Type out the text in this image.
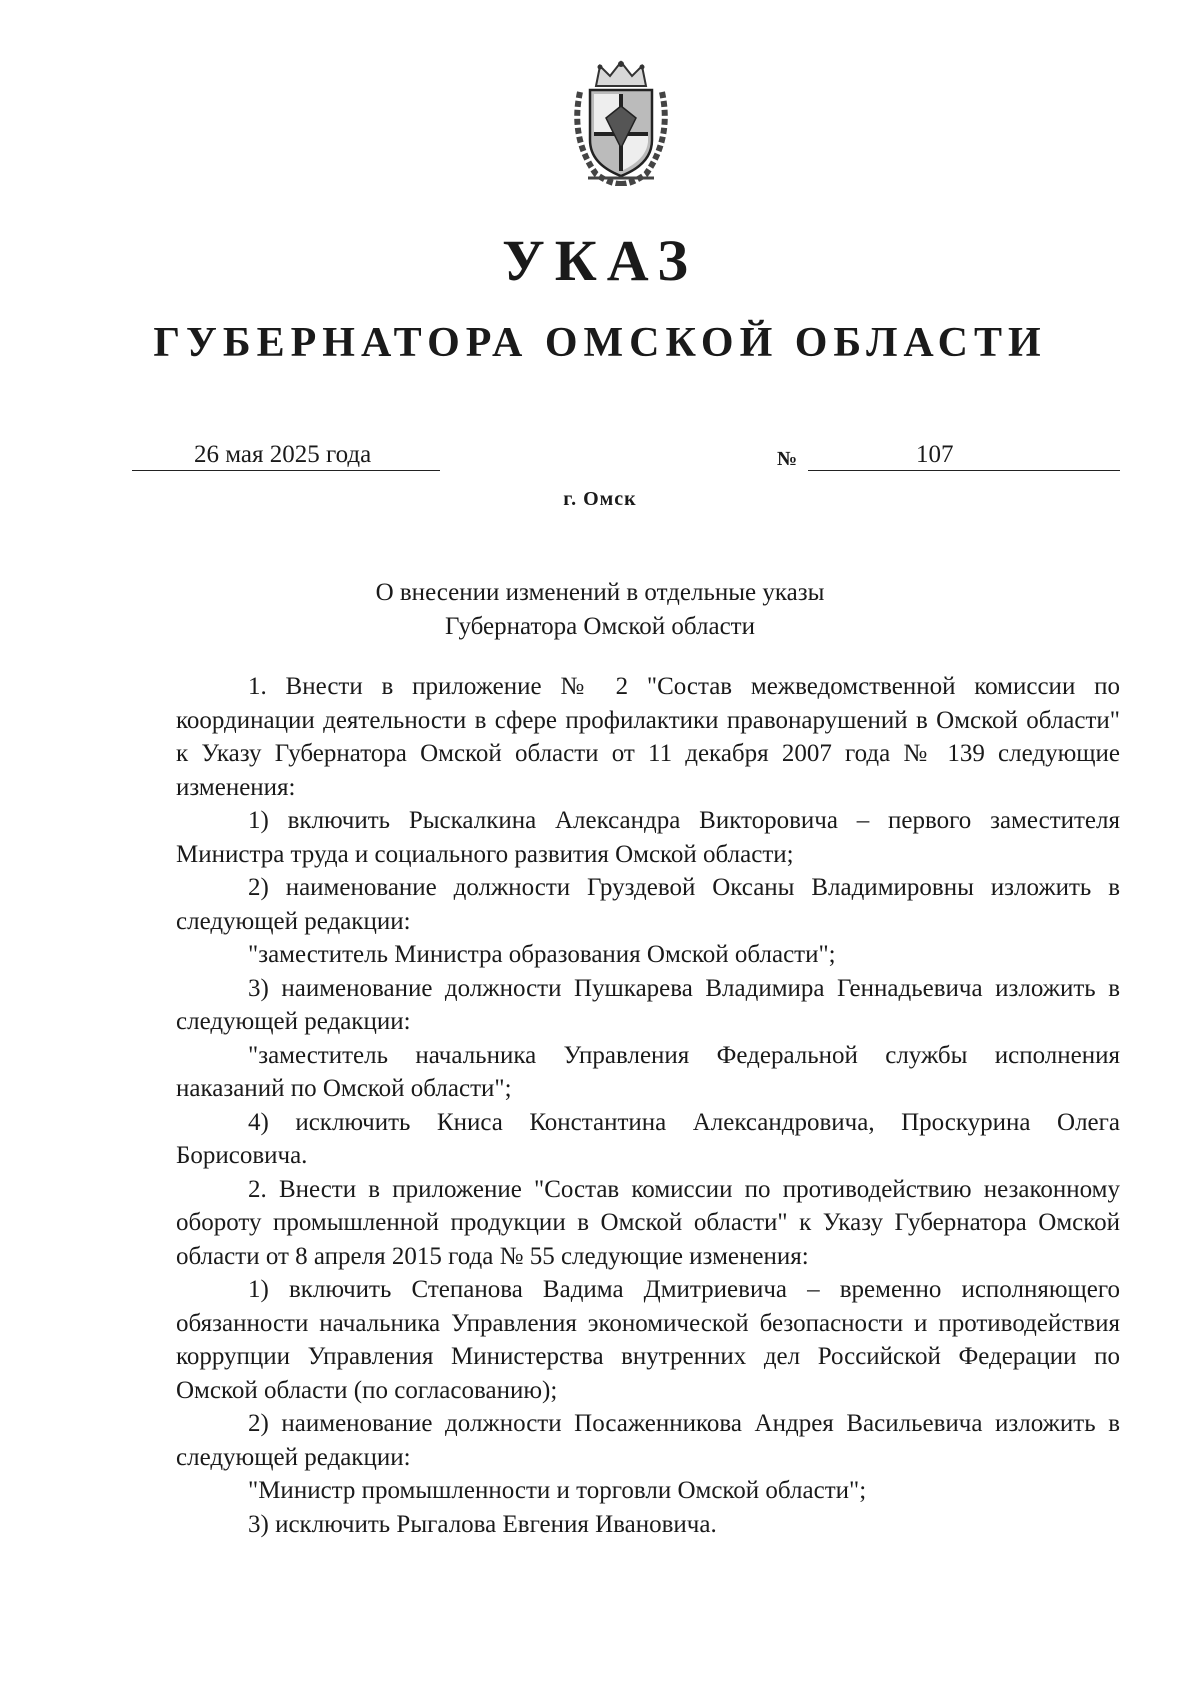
УКАЗ
ГУБЕРНАТОРА ОМСКОЙ ОБЛАСТИ
26 мая 2025 года	№	107
г. Омск
О внесении изменений в отдельные указы
Губернатора Омской области

1. Внести в приложение № 2 "Состав межведомственной комиссии по координации деятельности в сфере профилактики правонарушений в Омской области" к Указу Губернатора Омской области от 11 декабря 2007 года № 139 следующие изменения:

1) включить Рыскалкина Александра Викторовича – первого заместителя Министра труда и социального развития Омской области;

2) наименование должности Груздевой Оксаны Владимировны изложить в следующей редакции:

"заместитель Министра образования Омской области";

3) наименование должности Пушкарева Владимира Геннадьевича изложить в следующей редакции:

"заместитель начальника Управления Федеральной службы исполнения наказаний по Омской области";

4) исключить Книса Константина Александровича, Проскурина Олега Борисовича.

2. Внести в приложение "Состав комиссии по противодействию незаконному обороту промышленной продукции в Омской области" к Указу Губернатора Омской области от 8 апреля 2015 года № 55 следующие изменения:

1) включить Степанова Вадима Дмитриевича – временно исполняющего обязанности начальника Управления экономической безопасности и противодействия коррупции Управления Министерства внутренних дел Российской Федерации по Омской области (по согласованию);

2) наименование должности Посаженникова Андрея Васильевича изложить в следующей редакции:

"Министр промышленности и торговли Омской области";

3) исключить Рыгалова Евгения Ивановича.
